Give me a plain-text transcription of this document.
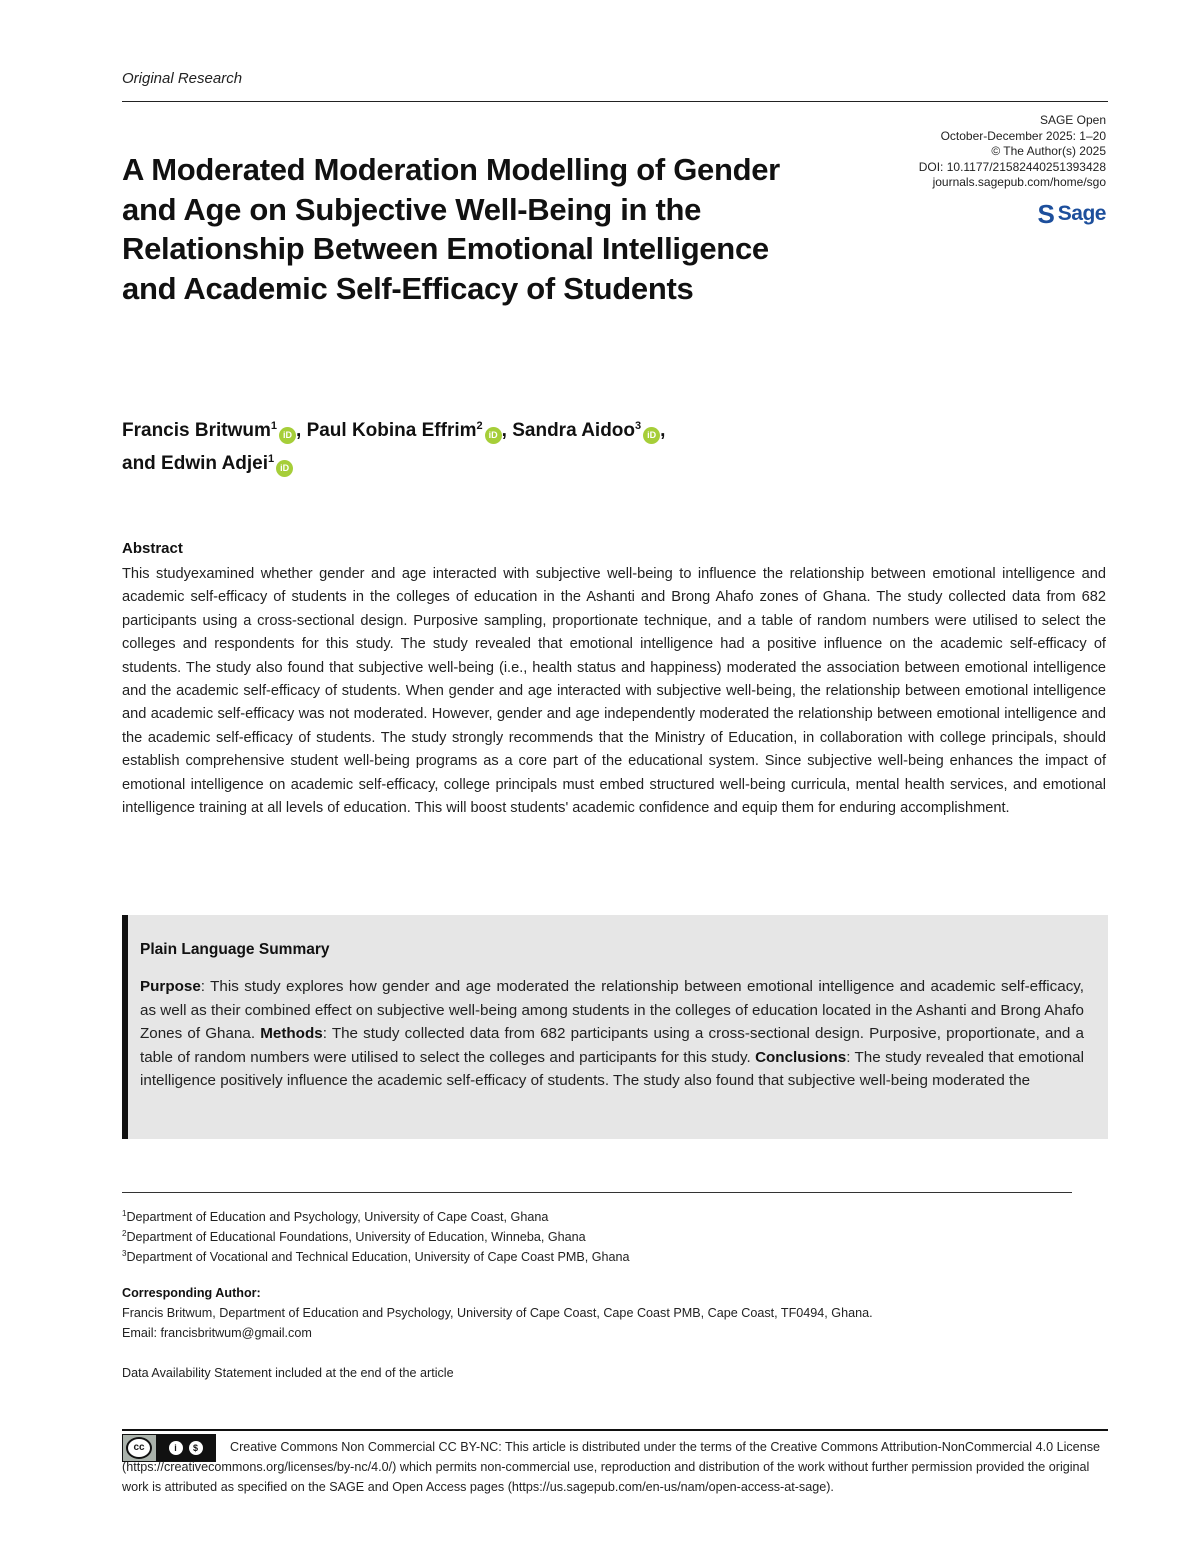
Original Research
SAGE Open
October-December 2025: 1–20
© The Author(s) 2025
DOI: 10.1177/21582440251393428
journals.sagepub.com/home/sgo
S Sage
A Moderated Moderation Modelling of Gender and Age on Subjective Well-Being in the Relationship Between Emotional Intelligence and Academic Self-Efficacy of Students
Francis Britwum$^1$iD , Paul Kobina Effrim$^2$iD , Sandra Aidoo$^3$iD ,
and Edwin Adjei$^1$iD
Abstract
This studyexamined whether gender and age interacted with subjective well-being to influence the relationship between emotional intelligence and academic self-efficacy of students in the colleges of education in the Ashanti and Brong Ahafo zones of Ghana. The study collected data from 682 participants using a cross-sectional design. Purposive sampling, proportionate technique, and a table of random numbers were utilised to select the colleges and respondents for this study. The study revealed that emotional intelligence had a positive influence on the academic self-efficacy of students. The study also found that subjective well-being (i.e., health status and happiness) moderated the association between emotional intelligence and the academic self-efficacy of students. When gender and age interacted with subjective well-being, the relationship between emotional intelligence and academic self-efficacy was not moderated. However, gender and age independently moderated the relationship between emotional intelligence and the academic self-efficacy of students. The study strongly recommends that the Ministry of Education, in collaboration with college principals, should establish comprehensive student well-being programs as a core part of the educational system. Since subjective well-being enhances the impact of emotional intelligence on academic self-efficacy, college principals must embed structured well-being curricula, mental health services, and emotional intelligence training at all levels of education. This will boost students' academic confidence and equip them for enduring accomplishment.
Plain Language Summary
Purpose: This study explores how gender and age moderated the relationship between emotional intelligence and academic self-efficacy, as well as their combined effect on subjective well-being among students in the colleges of education located in the Ashanti and Brong Ahafo Zones of Ghana. Methods: The study collected data from 682 participants using a cross-sectional design. Purposive, proportionate, and a table of random numbers were utilised to select the colleges and participants for this study. Conclusions: The study revealed that emotional intelligence positively influence the academic self-efficacy of students. The study also found that subjective well-being moderated the
$^1$Department of Education and Psychology, University of Cape Coast, Ghana
$^2$Department of Educational Foundations, University of Education, Winneba, Ghana
$^3$Department of Vocational and Technical Education, University of Cape Coast PMB, Ghana
Corresponding Author:
Francis Britwum, Department of Education and Psychology, University of Cape Coast, Cape Coast PMB, Cape Coast, TF0494, Ghana.
Email: francisbritwum@gmail.com
Data Availability Statement included at the end of the article
cc	i	$	Creative Commons Non Commercial CC BY-NC: This article is distributed under the terms of the Creative Commons Attribution-NonCommercial 4.0 License (https://creativecommons.org/licenses/by-nc/4.0/) which permits non-commercial use, reproduction and distribution of the work without further permission provided the original work is attributed as specified on the SAGE and Open Access pages (https://us.sagepub.com/en-us/nam/open-access-at-sage).
